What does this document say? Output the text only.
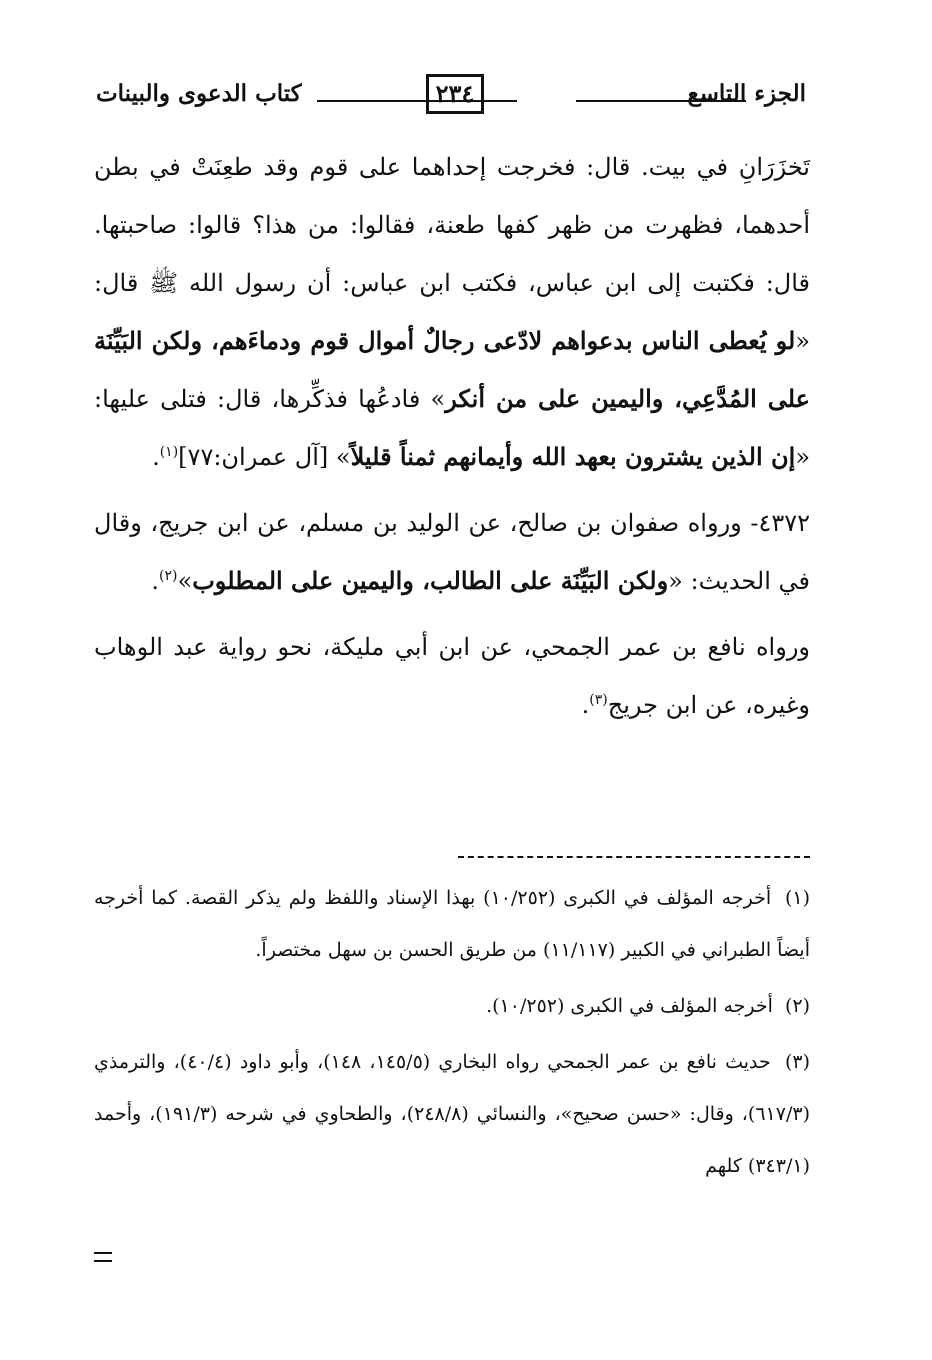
كتاب الدعوى والبينات	٢٣٤	الجزء التاسع

تَخزَرَانِ في بيت. قال: فخرجت إحداهما على قوم وقد طعِنَتْ في بطن أحدهما، فظهرت من ظهر كفها طعنة، فقالوا: من هذا؟ قالوا: صاحبتها. قال: فكتبت إلى ابن عباس، فكتب ابن عباس: أن رسول الله ﷺ قال: «لو يُعطى الناس بدعواهم لادّعى رجالٌ أموال قوم ودماءَهم، ولكن البَيِّنَة على المُدَّعِي، واليمين على من أنكر» فادعُها فذكِّرها، قال: فتلى عليها: «إن الذين يشترون بعهد الله وأيمانهم ثمناً قليلاً» [آل عمران:٧٧]$^{(١)}$.

٤٣٧٢- ورواه صفوان بن صالح، عن الوليد بن مسلم، عن ابن جريج، وقال في الحديث: «ولكن البَيِّنَة على الطالب، واليمين على المطلوب»$^{(٢)}$.

ورواه نافع بن عمر الجمحي، عن ابن أبي مليكة، نحو رواية عبد الوهاب وغيره، عن ابن جريج$^{(٣)}$.

(١) أخرجه المؤلف في الكبرى (١٠/٢٥٢) بهذا الإسناد واللفظ ولم يذكر القصة. كما أخرجه أيضاً الطبراني في الكبير (١١/١١٧) من طريق الحسن بن سهل مختصراً.

(٢) أخرجه المؤلف في الكبرى (١٠/٢٥٢).

(٣) حديث نافع بن عمر الجمحي رواه البخاري (١٤٥/٥، ١٤٨)، وأبو داود (٤٠/٤)، والترمذي (٦١٧/٣)، وقال: «حسن صحيح»، والنسائي (٢٤٨/٨)، والطحاوي في شرحه (١٩١/٣)، وأحمد (٣٤٣/١) كلهم
